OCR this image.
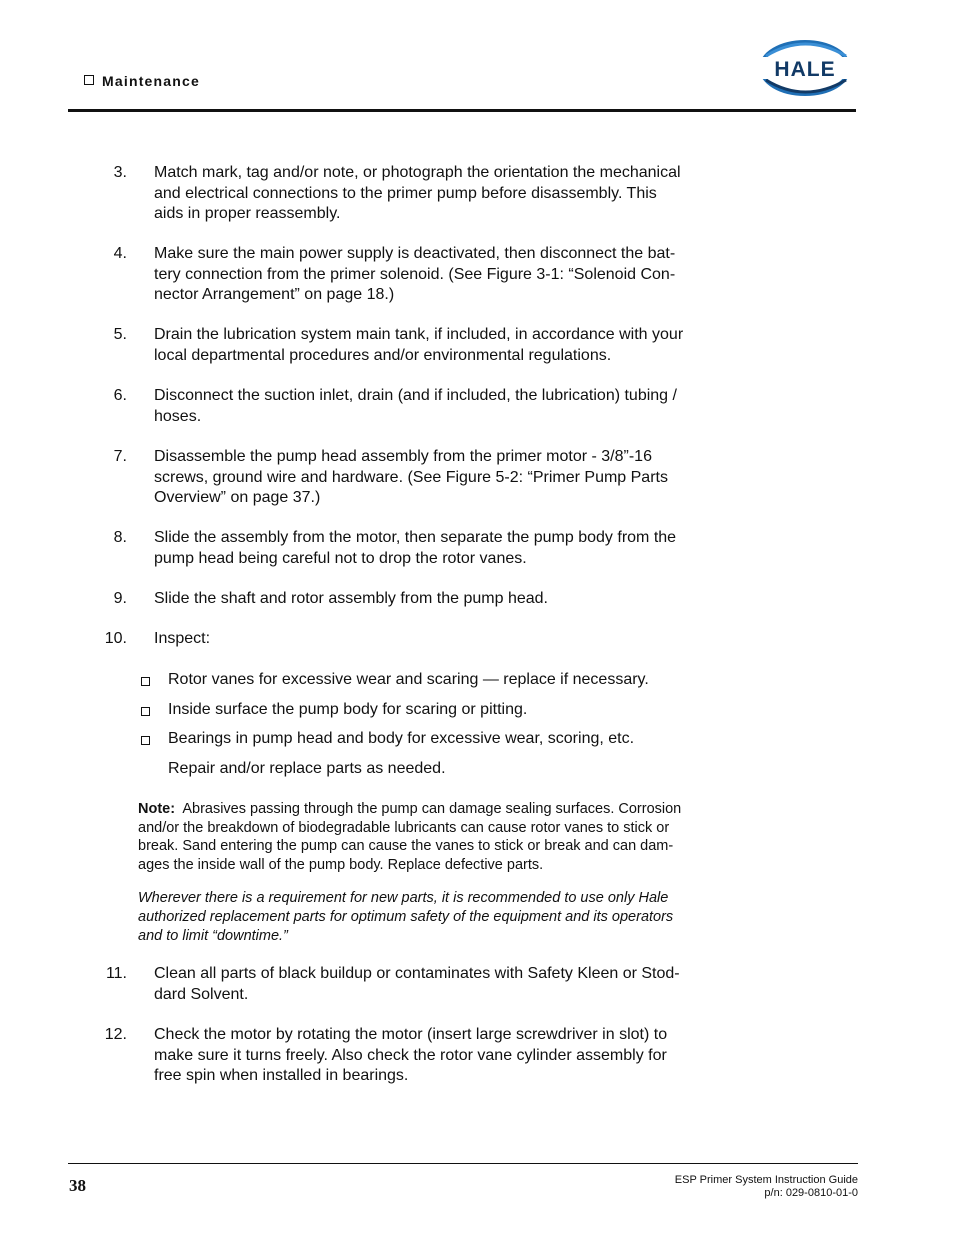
Maintenance	HALE
3. Match mark, tag and/or note, or photograph the orientation the mechanical
and electrical connections to the primer pump before disassembly. This
aids in proper reassembly.
4. Make sure the main power supply is deactivated, then disconnect the bat-
tery connection from the primer solenoid. (See Figure 3-1: “Solenoid Con-
nector Arrangement” on page 18.)
5. Drain the lubrication system main tank, if included, in accordance with your
local departmental procedures and/or environmental regulations.
6. Disconnect the suction inlet, drain (and if included, the lubrication) tubing /
hoses.
7. Disassemble the pump head assembly from the primer motor - 3/8”-16
screws, ground wire and hardware. (See Figure 5-2: “Primer Pump Parts
Overview” on page 37.)
8. Slide the assembly from the motor, then separate the pump body from the
pump head being careful not to drop the rotor vanes.
9. Slide the shaft and rotor assembly from the pump head.
10. Inspect:
Rotor vanes for excessive wear and scaring — replace if necessary.
Inside surface the pump body for scaring or pitting.
Bearings in pump head and body for excessive wear, scoring, etc.
Repair and/or replace parts as needed.
Note: Abrasives passing through the pump can damage sealing surfaces. Corrosion
and/or the breakdown of biodegradable lubricants can cause rotor vanes to stick or
break. Sand entering the pump can cause the vanes to stick or break and can dam-
ages the inside wall of the pump body. Replace defective parts.
Wherever there is a requirement for new parts, it is recommended to use only Hale
authorized replacement parts for optimum safety of the equipment and its operators
and to limit “downtime.”
11. Clean all parts of black buildup or contaminates with Safety Kleen or Stod-
dard Solvent.
12. Check the motor by rotating the motor (insert large screwdriver in slot) to
make sure it turns freely. Also check the rotor vane cylinder assembly for
free spin when installed in bearings.
38	ESP Primer System Instruction Guide
p/n: 029-0810-01-0
